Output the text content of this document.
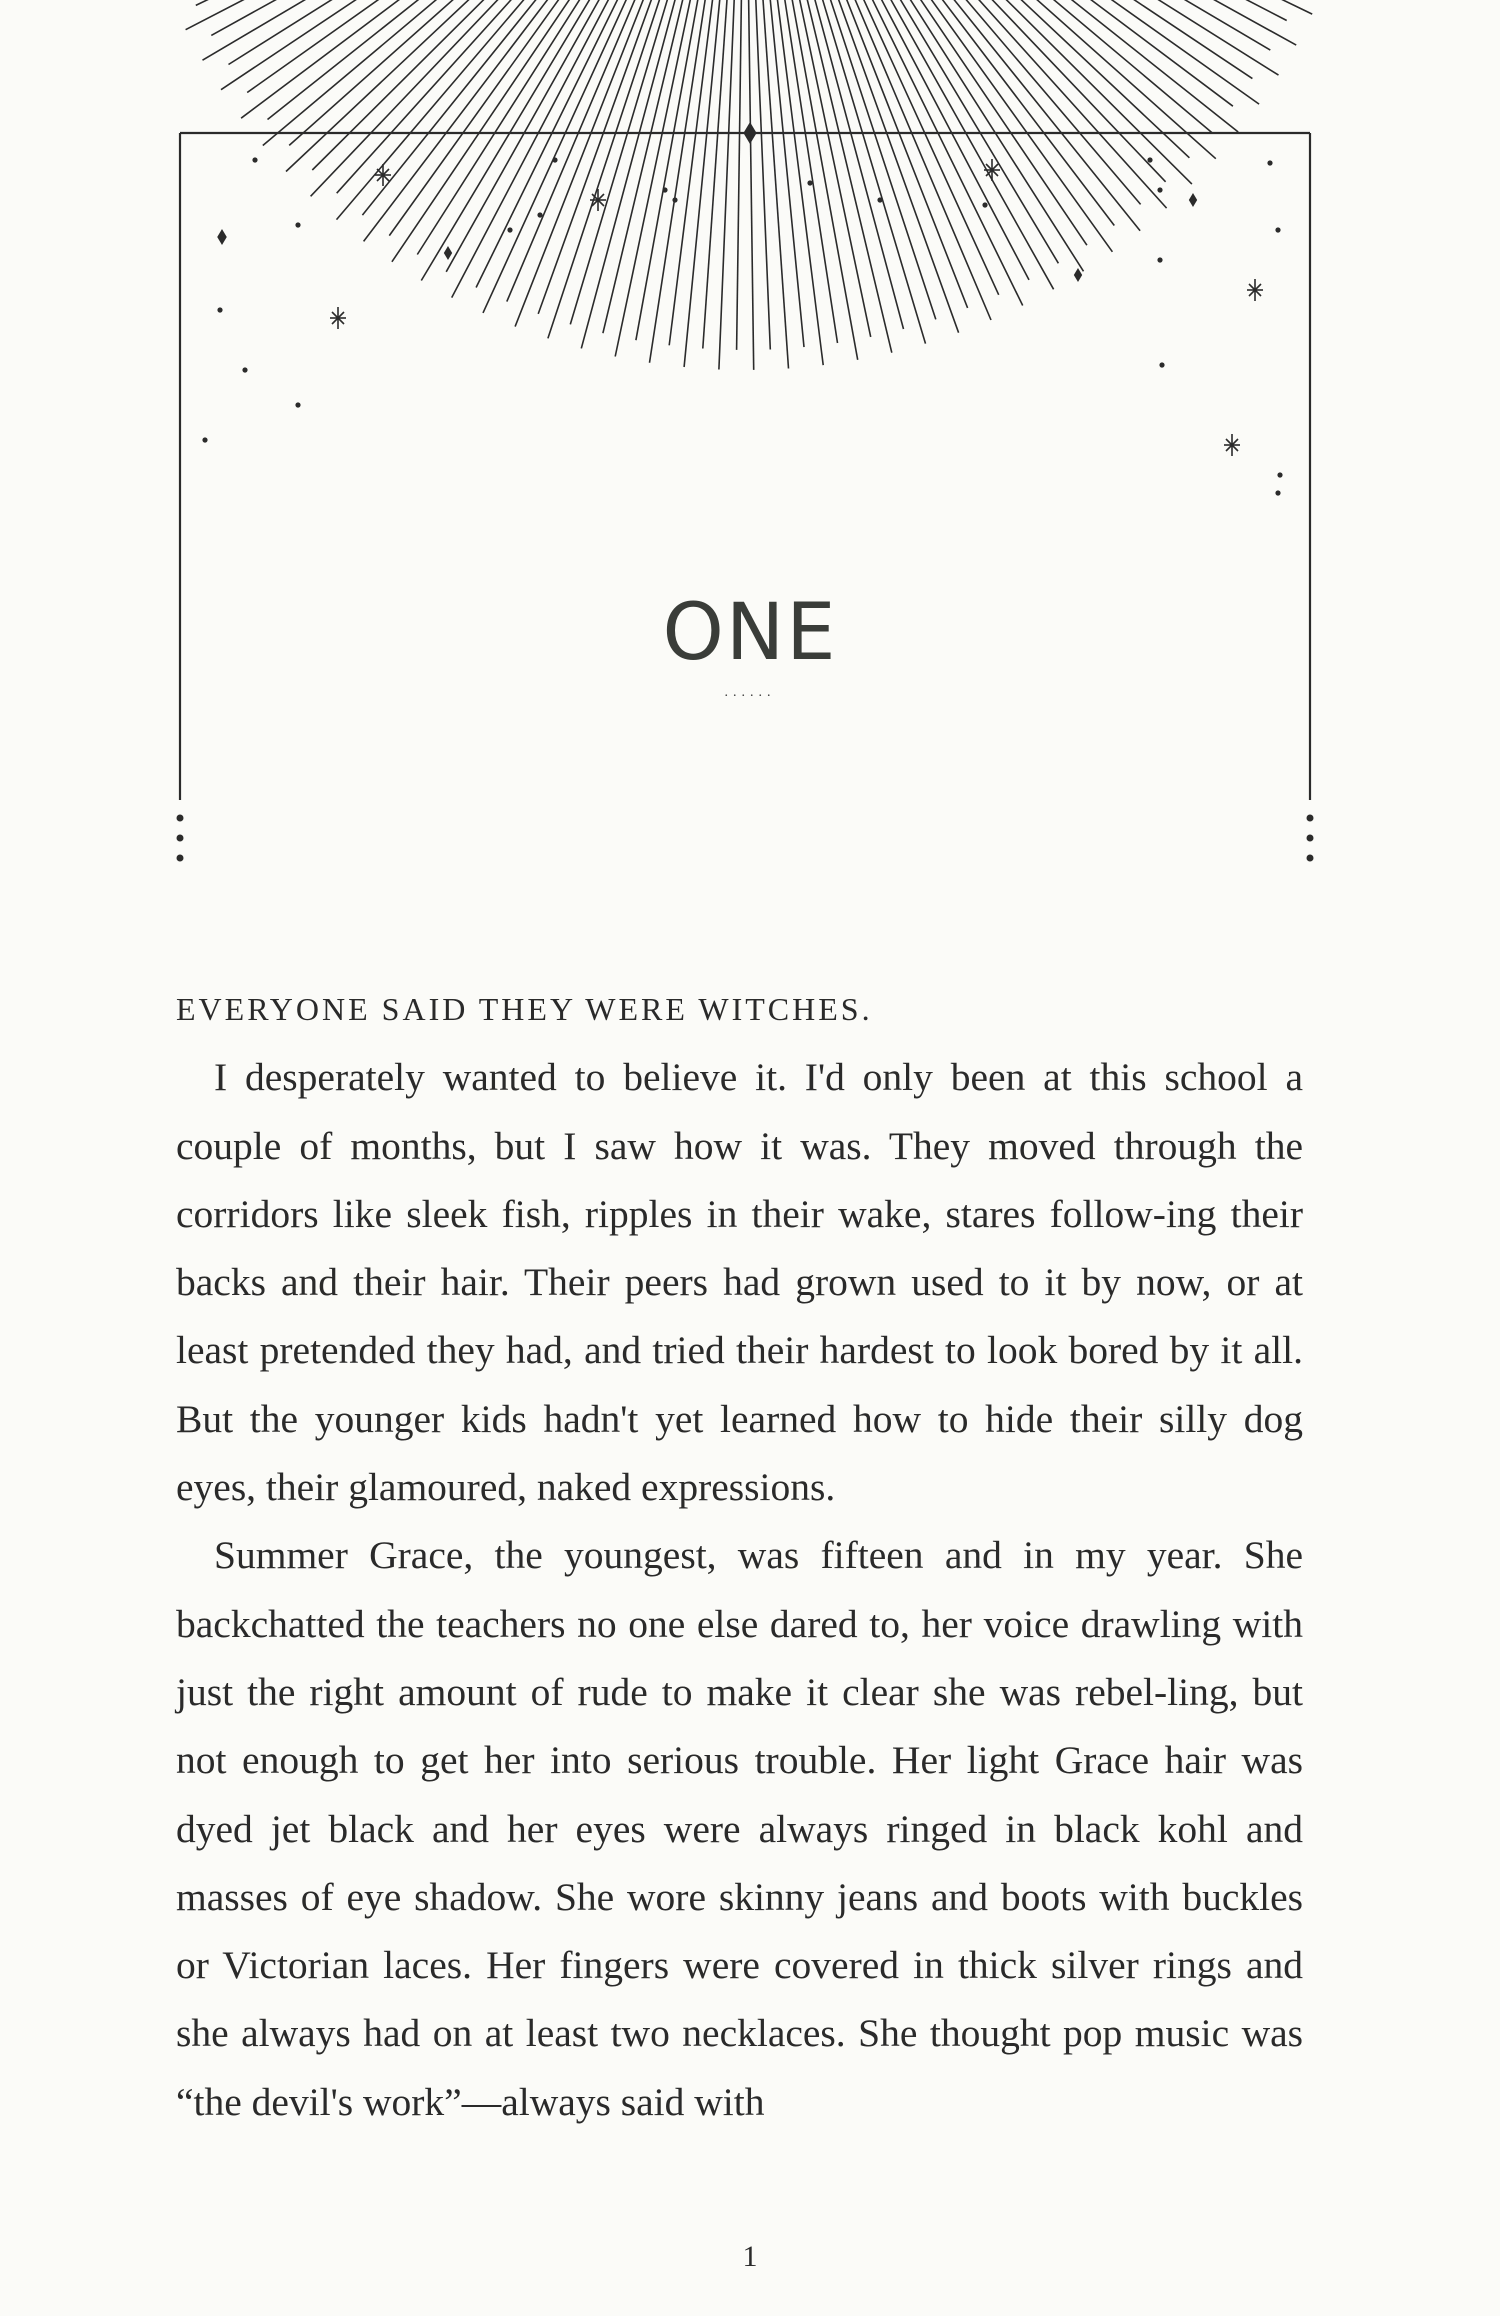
ONE
......

EVERYONE SAID THEY WERE WITCHES.

I desperately wanted to believe it. I'd only been at this school a couple of months, but I saw how it was. They moved through the corridors like sleek fish, ripples in their wake, stares follow-ing their backs and their hair. Their peers had grown used to it by now, or at least pretended they had, and tried their hardest to look bored by it all. But the younger kids hadn't yet learned how to hide their silly dog eyes, their glamoured, naked expressions.

Summer Grace, the youngest, was fifteen and in my year. She backchatted the teachers no one else dared to, her voice drawling with just the right amount of rude to make it clear she was rebel-ling, but not enough to get her into serious trouble. Her light Grace hair was dyed jet black and her eyes were always ringed in black kohl and masses of eye shadow. She wore skinny jeans and boots with buckles or Victorian laces. Her fingers were covered in thick silver rings and she always had on at least two necklaces. She thought pop music was “the devil's work”—always said with

1
